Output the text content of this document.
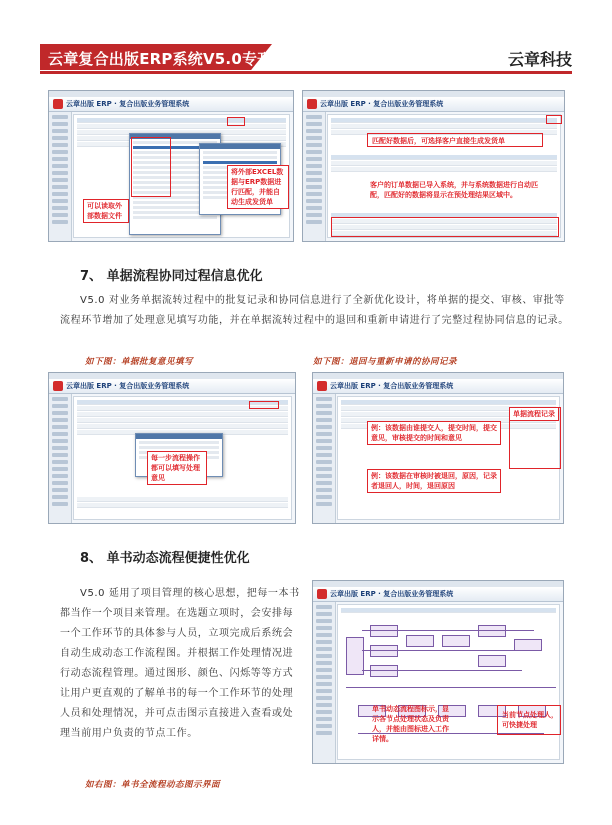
云章复合出版ERP系统V5.0专刊	云章科技
云章出版 ERP · 复合出版业务管理系统
可以读取外部数据文件
将外部EXCEL数据与ERP数据进行匹配，并能自动生成发货单
云章出版 ERP · 复合出版业务管理系统
匹配好数据后，可选择客户直接生成发货单
客户的订单数据已导入系统，并与系统数据进行自动匹配，匹配好的数据将显示在预处理结果区域中。
7、 单据流程协同过程信息优化
V5.0 对业务单据流转过程中的批复记录和协同信息进行了全新优化设计，将单据的提交、审核、审批等流程环节增加了处理意见填写功能，并在单据流转过程中的退回和重新申请进行了完整过程协同信息的记录。
如下图：单据批复意见填写	如下图：退回与重新申请的协同记录
云章出版 ERP · 复合出版业务管理系统
每一步流程操作都可以填写处理意见
云章出版 ERP · 复合出版业务管理系统
单据流程记录
例：该数据由谁提交人，提交时间，提交意见，审核提交的时间和意见
例：该数据在审核时被退回，原因，记录者退回人，时间，退回原因
8、 单书动态流程便捷性优化
V5.0 延用了项目管理的核心思想，把每一本书都当作一个项目来管理。在选题立项时，会安排每一个工作环节的具体参与人员，立项完成后系统会自动生成动态工作流程图。并根据工作处理情况进行动态流程管理。通过图形、颜色、闪烁等等方式让用户更直观的了解单书的每一个工作环节的处理人员和处理情况，并可点击图示直接进入查看或处理当前用户负责的节点工作。
如右图：单书全流程动态图示界面
云章出版 ERP · 复合出版业务管理系统
单书动态流程图标示，显示各节点处理状态及负责人，并能由图标进入工作详情。
当前节点处理人，可快捷处理
